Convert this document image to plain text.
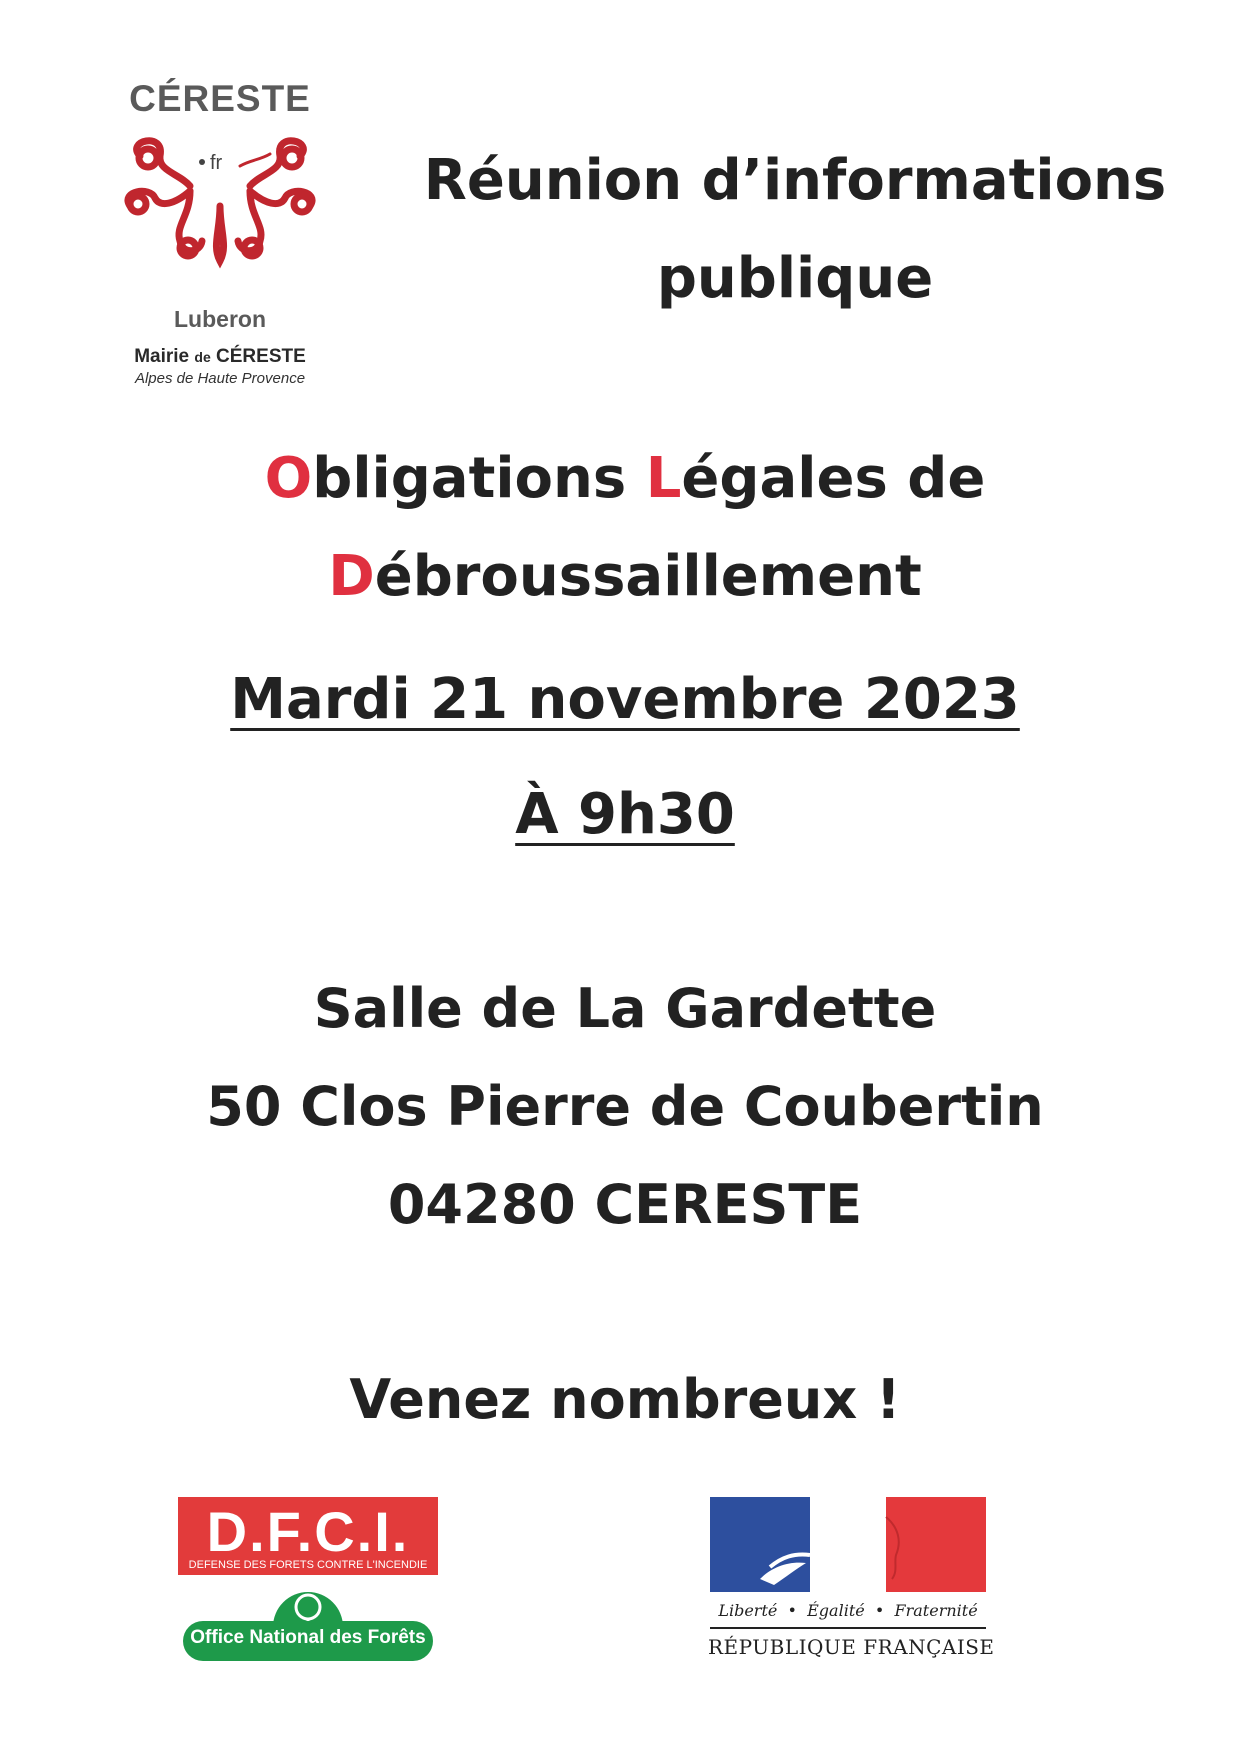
CÉRESTE
fr
Luberon
Mairie de CÉRESTE
Alpes de Haute Provence
Réunion d’informations
publique
Obligations Légales de
Débroussaillement
Mardi 21 novembre 2023
À 9h30
Salle de La Gardette
50 Clos Pierre de Coubertin
04280 CERESTE
Venez nombreux !
D.F.C.I.
DEFENSE DES FORETS CONTRE L'INCENDIE
Office National des Forêts
Liberté  •  Égalité  •  Fraternité
RÉPUBLIQUE FRANÇAISE
